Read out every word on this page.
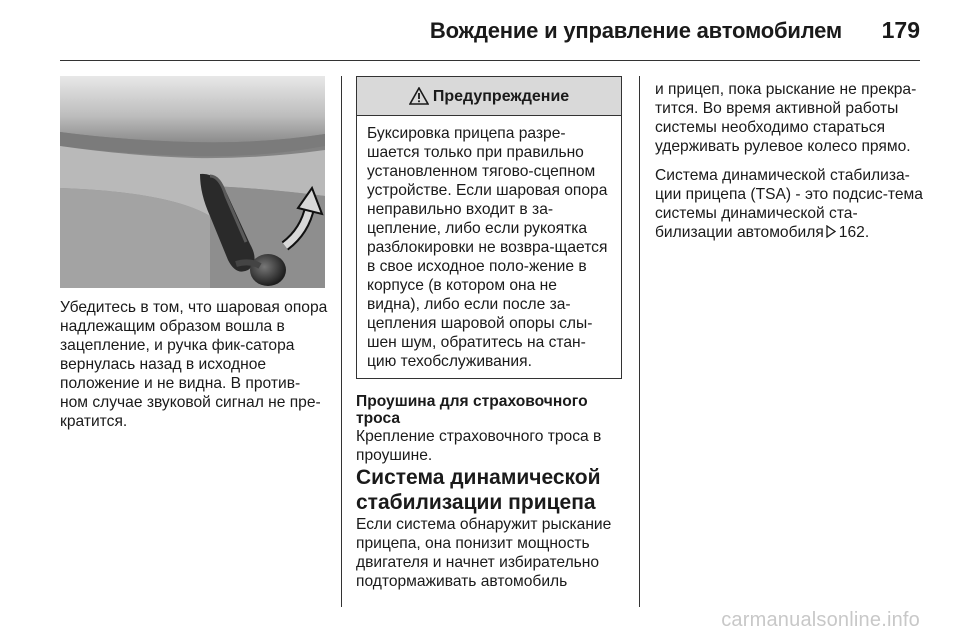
Вождение и управление автомобилем 179

Убедитесь в том, что шаровая опора надлежащим образом вошла в зацепление, и ручка фик-сатора вернулась назад в исходное положение и не видна. В против-ном случае звуковой сигнал не пре-кратится.

Предупреждение

Буксировка прицепа разре-шается только при правильно установленном тягово-сцепном устройстве. Если шаровая опора неправильно входит в за-цепление, либо если рукоятка разблокировки не возвра-щается в свое исходное поло-жение в корпусе (в котором она не видна), либо если после за-цепления шаровой опоры слы-шен шум, обратитесь на стан-цию техобслуживания.

Проушина для страховочного троса

Крепление страховочного троса в проушине.

Система динамической стабилизации прицепа

Если система обнаружит рыскание прицепа, она понизит мощность двигателя и начнет избирательно подтормаживать автомобиль

и прицеп, пока рыскание не прекра-тится. Во время активной работы системы необходимо стараться удерживать рулевое колесо прямо.

Система динамической стабилиза-ции прицепа (TSA) - это подсис-тема системы динамической ста-билизации автомобиля 162.

carmanualsonline.info
